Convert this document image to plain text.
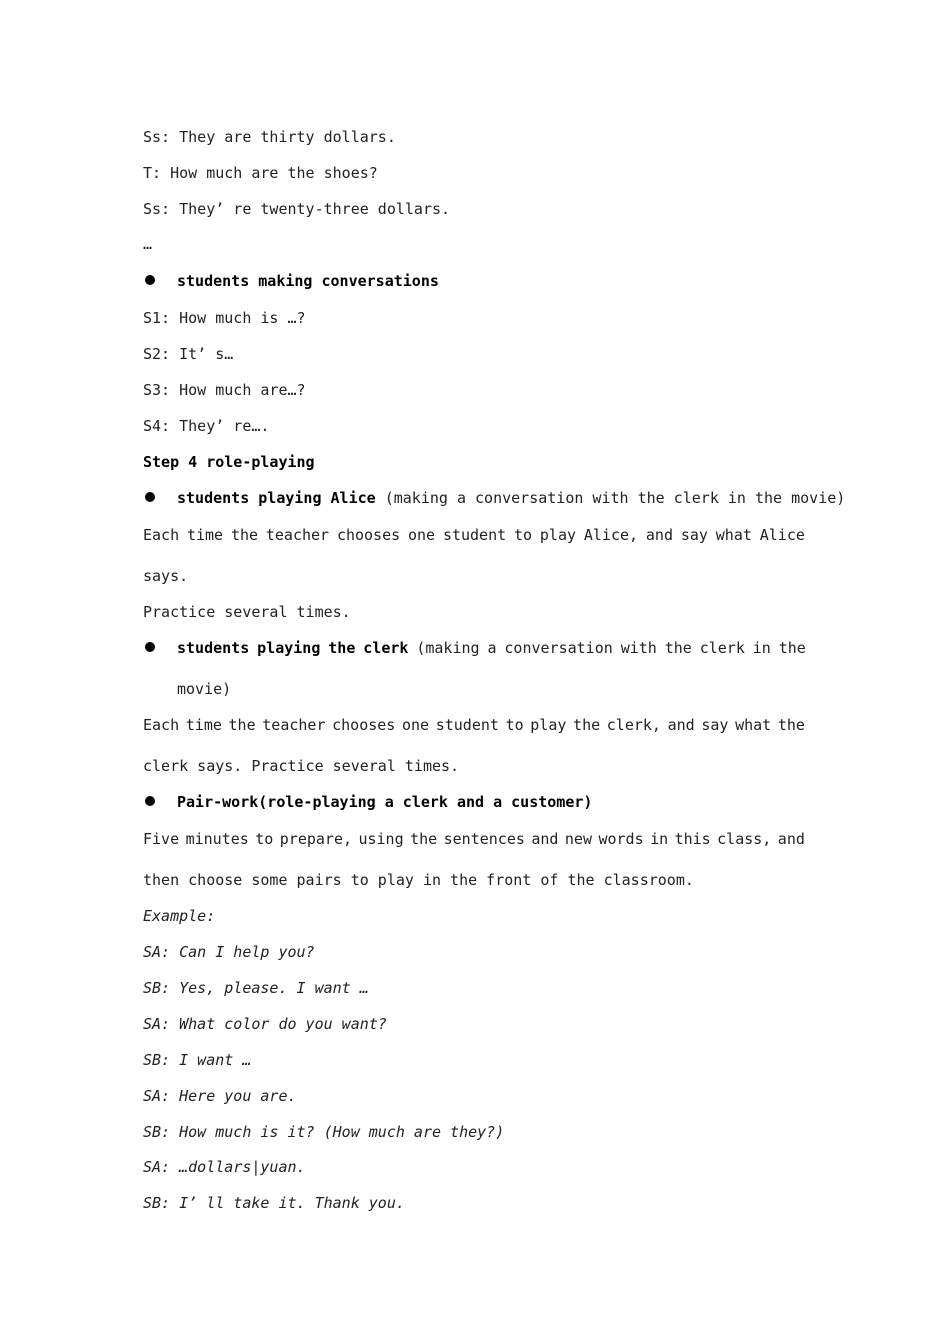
Ss: They are thirty dollars.
T: How much are the shoes?
Ss: They’ re twenty-three dollars.
…
students making conversations
S1: How much is …?
S2: It’ s…
S3: How much are…?
S4: They’ re….
Step 4 role-playing
students playing Alice (making a conversation with the clerk in the movie)
Each time the teacher chooses one student to play Alice, and say what Alice
says.
Practice several times.
students playing the clerk (making a conversation with the clerk in the
movie)
Each time the teacher chooses one student to play the clerk, and say what the
clerk says. Practice several times.
Pair-work(role-playing a clerk and a customer)
Five minutes to prepare, using the sentences and new words in this class, and
then choose some pairs to play in the front of the classroom.
Example:
SA: Can I help you?
SB: Yes, please. I want …
SA: What color do you want?
SB: I want …
SA: Here you are.
SB: How much is it? (How much are they?)
SA: …dollars|yuan.
SB: I’ ll take it. Thank you.
